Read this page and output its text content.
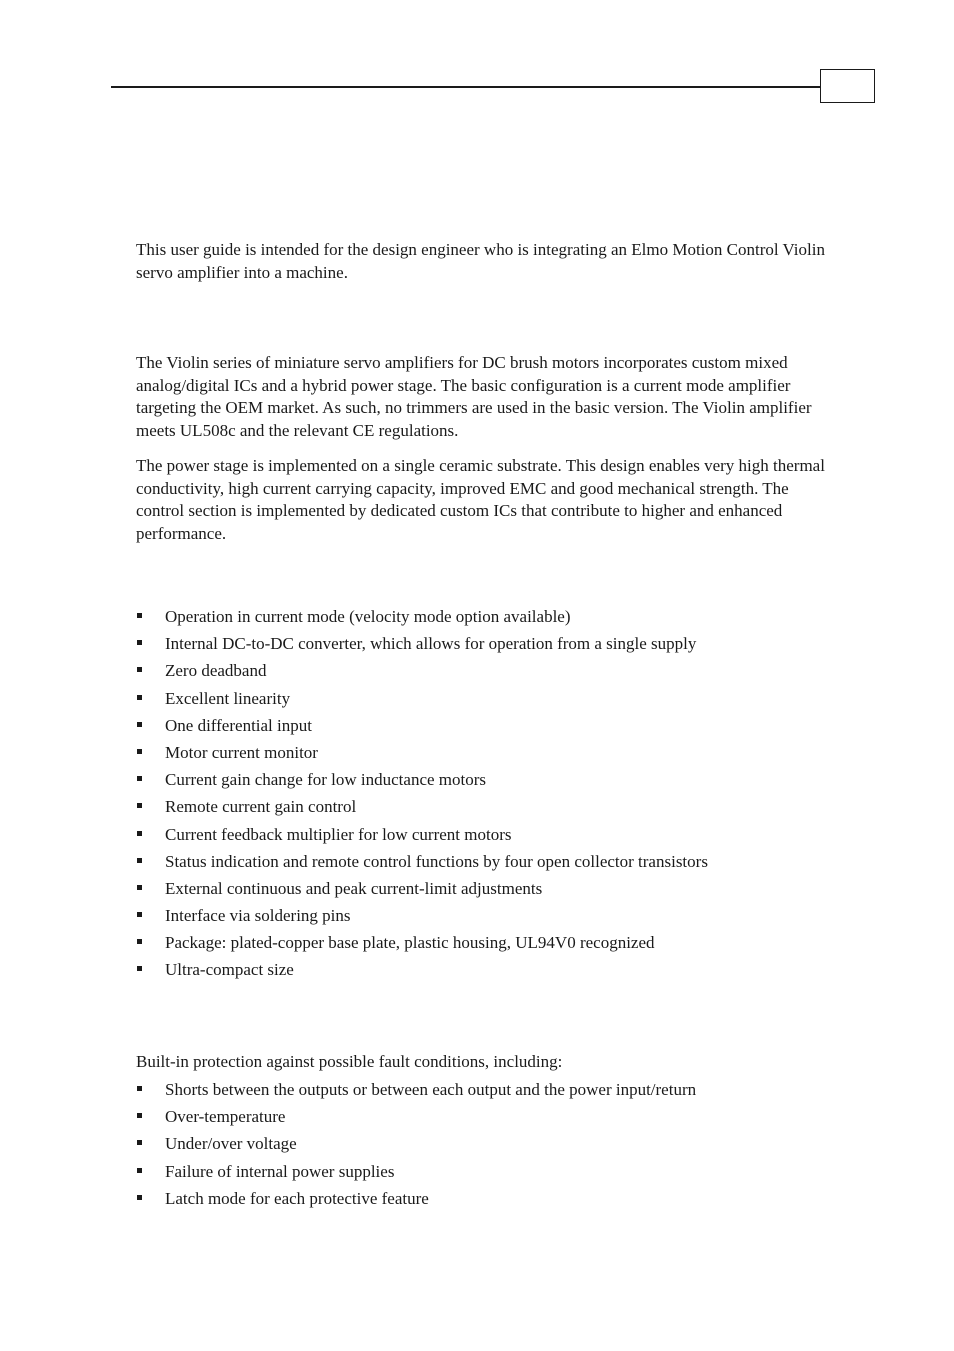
This user guide is intended for the design engineer who is integrating an Elmo Motion Control Violin servo amplifier into a machine.

The Violin series of miniature servo amplifiers for DC brush motors incorporates custom mixed analog/digital ICs and a hybrid power stage. The basic configuration is a current mode amplifier targeting the OEM market. As such, no trimmers are used in the basic version. The Violin amplifier meets UL508c and the relevant CE regulations.

The power stage is implemented on a single ceramic substrate. This design enables very high thermal conductivity, high current carrying capacity, improved EMC and good mechanical strength. The control section is implemented by dedicated custom ICs that contribute to higher and enhanced performance.

Operation in current mode (velocity mode option available)
Internal DC-to-DC converter, which allows for operation from a single supply
Zero deadband
Excellent linearity
One differential input
Motor current monitor
Current gain change for low inductance motors
Remote current gain control
Current feedback multiplier for low current motors
Status indication and remote control functions by four open collector transistors
External continuous and peak current-limit adjustments
Interface via soldering pins
Package: plated-copper base plate, plastic housing, UL94V0 recognized
Ultra-compact size

Built-in protection against possible fault conditions, including:

Shorts between the outputs or between each output and the power input/return
Over-temperature
Under/over voltage
Failure of internal power supplies
Latch mode for each protective feature
